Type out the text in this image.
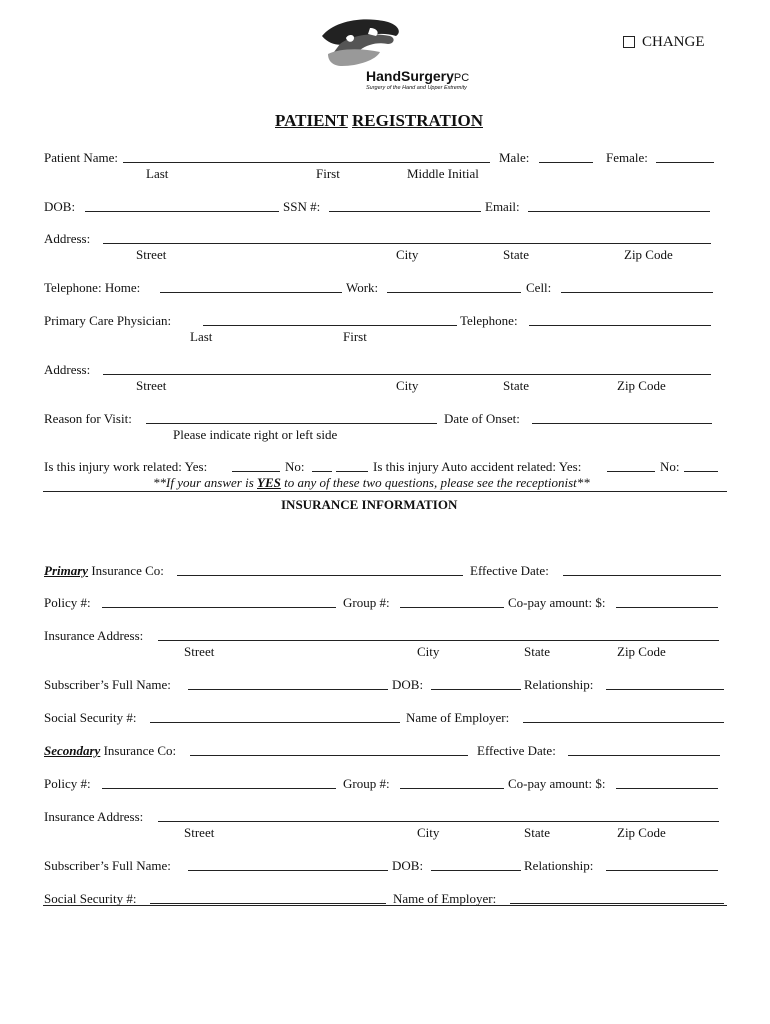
CHANGE
HandSurgeryPC
Surgery of the Hand and Upper Extremity
PATIENT REGISTRATION
Patient Name:	Male:	Female:
Last	First	Middle Initial
DOB:	SSN #:	Email:
Address:
Street	City	State	Zip Code
Telephone: Home:	Work:	Cell:
Primary Care Physician:	Telephone:
Last	First
Address:
Street	City	State	Zip Code
Reason for Visit:	Date of Onset:
Please indicate right or left side
Is this injury work related: Yes:	No:	Is this injury Auto accident related: Yes:	No:
**If your answer is YES to any of these two questions, please see the receptionist**
INSURANCE INFORMATION
Primary Insurance Co:	Effective Date:
Policy #:	Group #:	Co-pay amount: $:
Insurance Address:
Street	City	State	Zip Code
Subscriber’s Full Name:	DOB:	Relationship:
Social Security #:	Name of Employer:
Secondary Insurance Co:	Effective Date:
Policy #:	Group #:	Co-pay amount: $:
Insurance Address:
Street	City	State	Zip Code
Subscriber’s Full Name:	DOB:	Relationship:
Social Security #:	Name of Employer:
